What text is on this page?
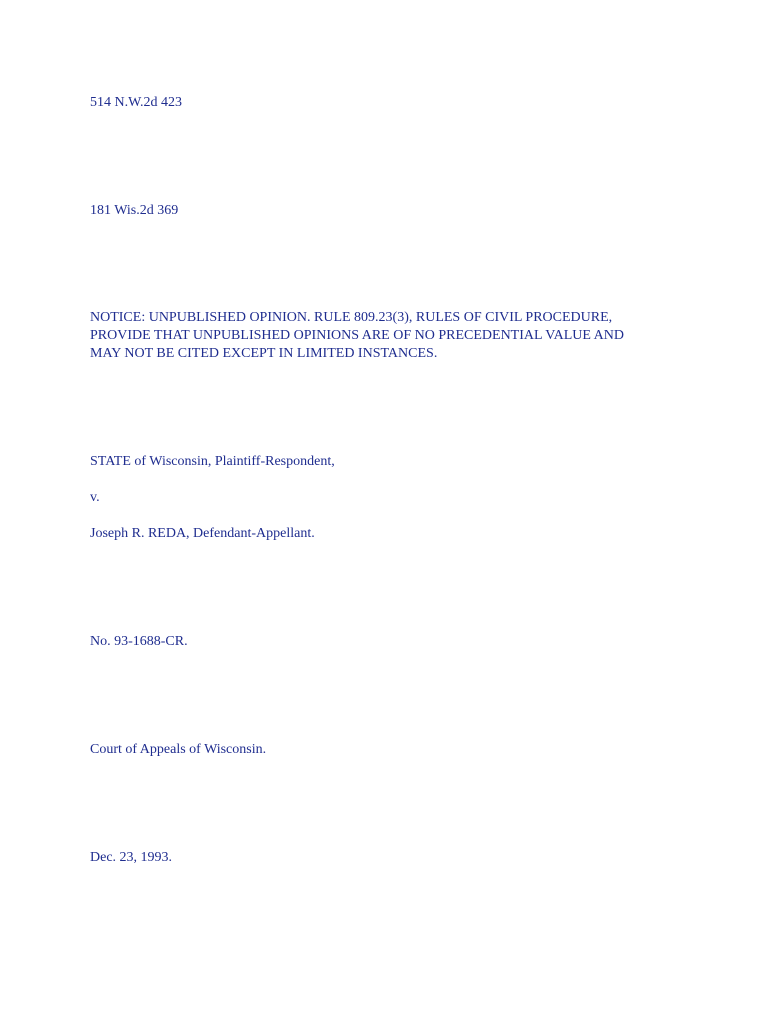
514 N.W.2d 423
181 Wis.2d 369
NOTICE: UNPUBLISHED OPINION. RULE 809.23(3), RULES OF CIVIL PROCEDURE,
PROVIDE THAT UNPUBLISHED OPINIONS ARE OF NO PRECEDENTIAL VALUE AND
MAY NOT BE CITED EXCEPT IN LIMITED INSTANCES.
STATE of Wisconsin, Plaintiff-Respondent,
v.
Joseph R. REDA, Defendant-Appellant.
No. 93-1688-CR.
Court of Appeals of Wisconsin.
Dec. 23, 1993.
